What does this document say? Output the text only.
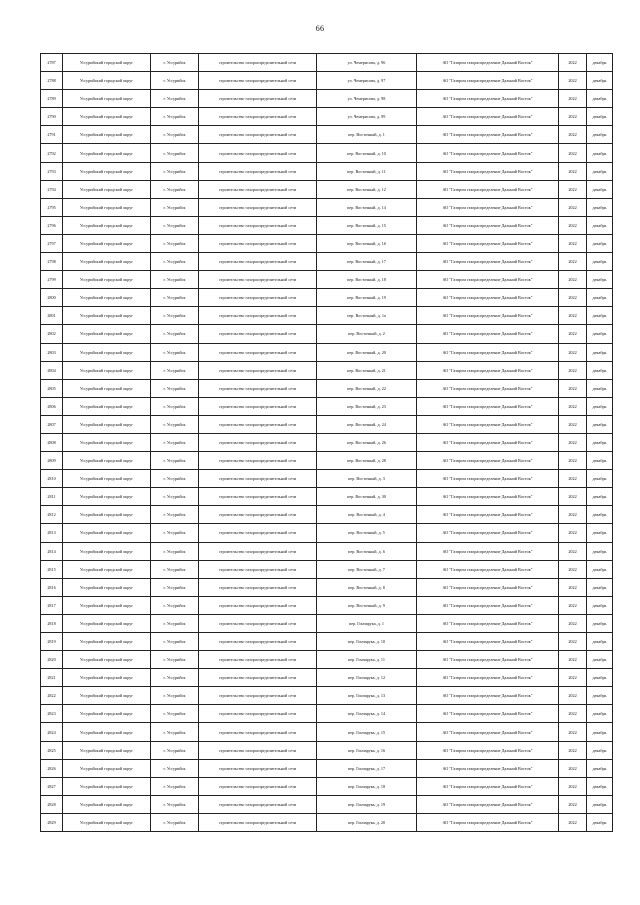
66
2787	Уссурийский городской округ	г. Уссурийск	строительство газораспределительной сети	ул. Чемерисова, д. 96	АО "Газпром газораспределение Дальний Восток"	2022	декабрь
2788	Уссурийский городской округ	г. Уссурийск	строительство газораспределительной сети	ул. Чемерисова, д. 97	АО "Газпром газораспределение Дальний Восток"	2022	декабрь
2789	Уссурийский городской округ	г. Уссурийск	строительство газораспределительной сети	ул. Чемерисова, д. 98	АО "Газпром газораспределение Дальний Восток"	2022	декабрь
2790	Уссурийский городской округ	г. Уссурийск	строительство газораспределительной сети	ул. Чемерисова, д. 99	АО "Газпром газораспределение Дальний Восток"	2022	декабрь
2791	Уссурийский городской округ	г. Уссурийск	строительство газораспределительной сети	пер. Восточный, д. 1	АО "Газпром газораспределение Дальний Восток"	2022	декабрь
2792	Уссурийский городской округ	г. Уссурийск	строительство газораспределительной сети	пер. Восточный, д. 10	АО "Газпром газораспределение Дальний Восток"	2022	декабрь
2793	Уссурийский городской округ	г. Уссурийск	строительство газораспределительной сети	пер. Восточный, д. 11	АО "Газпром газораспределение Дальний Восток"	2022	декабрь
2794	Уссурийский городской округ	г. Уссурийск	строительство газораспределительной сети	пер. Восточный, д. 12	АО "Газпром газораспределение Дальний Восток"	2022	декабрь
2795	Уссурийский городской округ	г. Уссурийск	строительство газораспределительной сети	пер. Восточный, д. 14	АО "Газпром газораспределение Дальний Восток"	2022	декабрь
2796	Уссурийский городской округ	г. Уссурийск	строительство газораспределительной сети	пер. Восточный, д. 15	АО "Газпром газораспределение Дальний Восток"	2022	декабрь
2797	Уссурийский городской округ	г. Уссурийск	строительство газораспределительной сети	пер. Восточный, д. 16	АО "Газпром газораспределение Дальний Восток"	2022	декабрь
2798	Уссурийский городской округ	г. Уссурийск	строительство газораспределительной сети	пер. Восточный, д. 17	АО "Газпром газораспределение Дальний Восток"	2022	декабрь
2799	Уссурийский городской округ	г. Уссурийск	строительство газораспределительной сети	пер. Восточный, д. 18	АО "Газпром газораспределение Дальний Восток"	2022	декабрь
2800	Уссурийский городской округ	г. Уссурийск	строительство газораспределительной сети	пер. Восточный, д. 19	АО "Газпром газораспределение Дальний Восток"	2022	декабрь
2801	Уссурийский городской округ	г. Уссурийск	строительство газораспределительной сети	пер. Восточный, д. 1а	АО "Газпром газораспределение Дальний Восток"	2022	декабрь
2802	Уссурийский городской округ	г. Уссурийск	строительство газораспределительной сети	пер. Восточный, д. 2	АО "Газпром газораспределение Дальний Восток"	2022	декабрь
2803	Уссурийский городской округ	г. Уссурийск	строительство газораспределительной сети	пер. Восточный, д. 20	АО "Газпром газораспределение Дальний Восток"	2022	декабрь
2804	Уссурийский городской округ	г. Уссурийск	строительство газораспределительной сети	пер. Восточный, д. 21	АО "Газпром газораспределение Дальний Восток"	2022	декабрь
2805	Уссурийский городской округ	г. Уссурийск	строительство газораспределительной сети	пер. Восточный, д. 22	АО "Газпром газораспределение Дальний Восток"	2022	декабрь
2806	Уссурийский городской округ	г. Уссурийск	строительство газораспределительной сети	пер. Восточный, д. 23	АО "Газпром газораспределение Дальний Восток"	2022	декабрь
2807	Уссурийский городской округ	г. Уссурийск	строительство газораспределительной сети	пер. Восточный, д. 24	АО "Газпром газораспределение Дальний Восток"	2022	декабрь
2808	Уссурийский городской округ	г. Уссурийск	строительство газораспределительной сети	пер. Восточный, д. 26	АО "Газпром газораспределение Дальний Восток"	2022	декабрь
2809	Уссурийский городской округ	г. Уссурийск	строительство газораспределительной сети	пер. Восточный, д. 28	АО "Газпром газораспределение Дальний Восток"	2022	декабрь
2810	Уссурийский городской округ	г. Уссурийск	строительство газораспределительной сети	пер. Восточный, д. 3	АО "Газпром газораспределение Дальний Восток"	2022	декабрь
2811	Уссурийский городской округ	г. Уссурийск	строительство газораспределительной сети	пер. Восточный, д. 30	АО "Газпром газораспределение Дальний Восток"	2022	декабрь
2812	Уссурийский городской округ	г. Уссурийск	строительство газораспределительной сети	пер. Восточный, д. 4	АО "Газпром газораспределение Дальний Восток"	2022	декабрь
2813	Уссурийский городской округ	г. Уссурийск	строительство газораспределительной сети	пер. Восточный, д. 5	АО "Газпром газораспределение Дальний Восток"	2022	декабрь
2814	Уссурийский городской округ	г. Уссурийск	строительство газораспределительной сети	пер. Восточный, д. 6	АО "Газпром газораспределение Дальний Восток"	2022	декабрь
2815	Уссурийский городской округ	г. Уссурийск	строительство газораспределительной сети	пер. Восточный, д. 7	АО "Газпром газораспределение Дальний Восток"	2022	декабрь
2816	Уссурийский городской округ	г. Уссурийск	строительство газораспределительной сети	пер. Восточный, д. 8	АО "Газпром газораспределение Дальний Восток"	2022	декабрь
2817	Уссурийский городской округ	г. Уссурийск	строительство газораспределительной сети	пер. Восточный, д. 9	АО "Газпром газораспределение Дальний Восток"	2022	декабрь
2818	Уссурийский городской округ	г. Уссурийск	строительство газораспределительной сети	пер. Гончарука, д. 1	АО "Газпром газораспределение Дальний Восток"	2022	декабрь
2819	Уссурийский городской округ	г. Уссурийск	строительство газораспределительной сети	пер. Гончарука, д. 10	АО "Газпром газораспределение Дальний Восток"	2022	декабрь
2820	Уссурийский городской округ	г. Уссурийск	строительство газораспределительной сети	пер. Гончарука, д. 11	АО "Газпром газораспределение Дальний Восток"	2022	декабрь
2821	Уссурийский городской округ	г. Уссурийск	строительство газораспределительной сети	пер. Гончарука, д. 12	АО "Газпром газораспределение Дальний Восток"	2022	декабрь
2822	Уссурийский городской округ	г. Уссурийск	строительство газораспределительной сети	пер. Гончарука, д. 13	АО "Газпром газораспределение Дальний Восток"	2022	декабрь
2823	Уссурийский городской округ	г. Уссурийск	строительство газораспределительной сети	пер. Гончарука, д. 14	АО "Газпром газораспределение Дальний Восток"	2022	декабрь
2824	Уссурийский городской округ	г. Уссурийск	строительство газораспределительной сети	пер. Гончарука, д. 15	АО "Газпром газораспределение Дальний Восток"	2022	декабрь
2825	Уссурийский городской округ	г. Уссурийск	строительство газораспределительной сети	пер. Гончарука, д. 16	АО "Газпром газораспределение Дальний Восток"	2022	декабрь
2826	Уссурийский городской округ	г. Уссурийск	строительство газораспределительной сети	пер. Гончарука, д. 17	АО "Газпром газораспределение Дальний Восток"	2022	декабрь
2827	Уссурийский городской округ	г. Уссурийск	строительство газораспределительной сети	пер. Гончарука, д. 18	АО "Газпром газораспределение Дальний Восток"	2022	декабрь
2828	Уссурийский городской округ	г. Уссурийск	строительство газораспределительной сети	пер. Гончарука, д. 19	АО "Газпром газораспределение Дальний Восток"	2022	декабрь
2829	Уссурийский городской округ	г. Уссурийск	строительство газораспределительной сети	пер. Гончарука, д. 20	АО "Газпром газораспределение Дальний Восток"	2022	декабрь
